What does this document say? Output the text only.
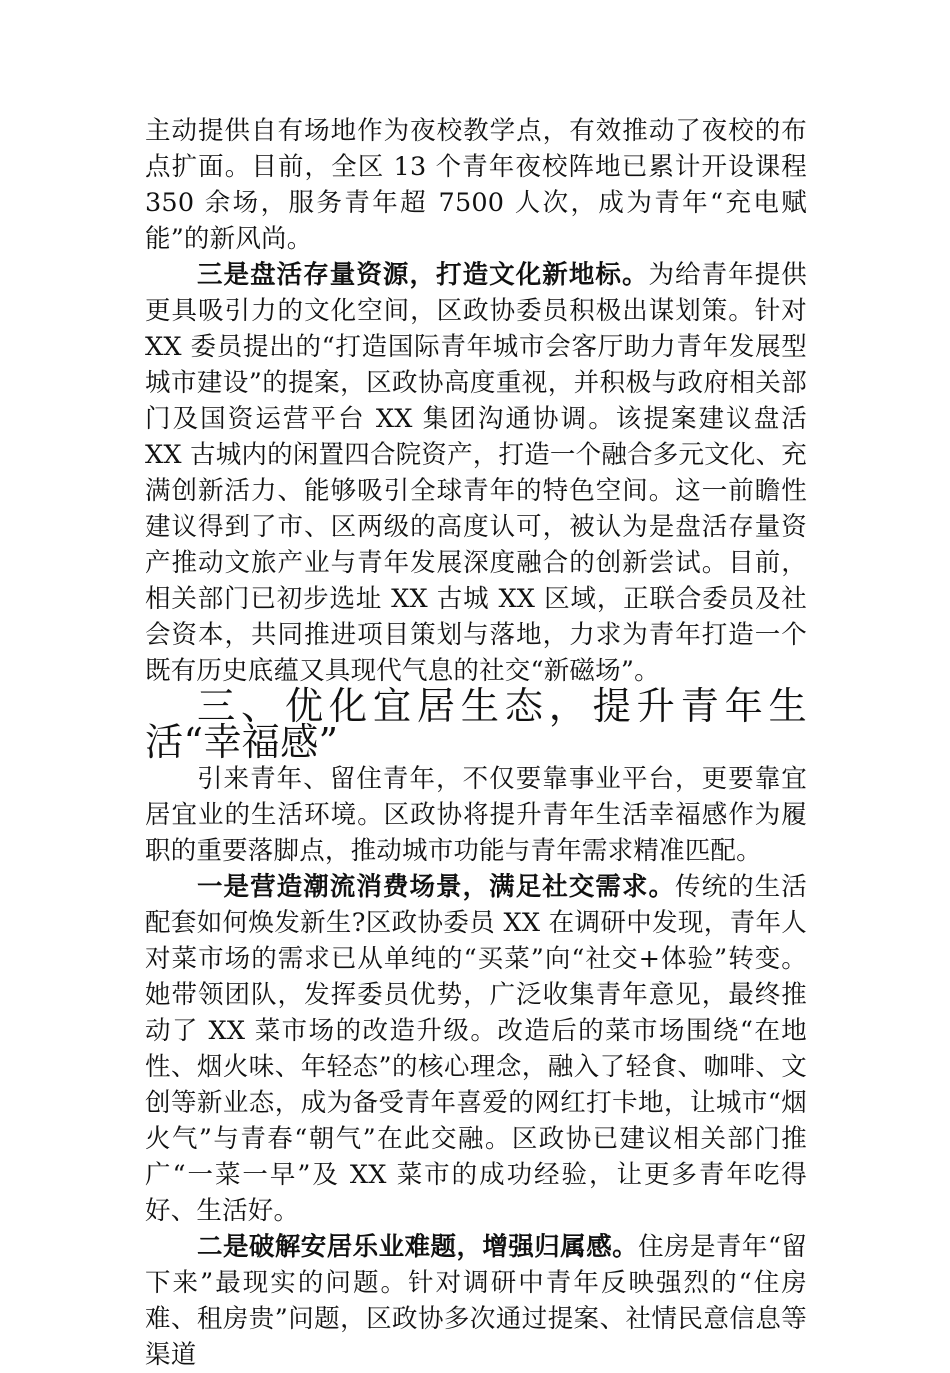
主动提供自有场地作为夜校教学点，有效推动了夜校的布点扩面。目前，全区 13 个青年夜校阵地已累计开设课程 350 余场，服务青年超 7500 人次，成为青年“充电赋能”的新风尚。

三是盘活存量资源，打造文化新地标。为给青年提供更具吸引力的文化空间，区政协委员积极出谋划策。针对 XX 委员提出的“打造国际青年城市会客厅助力青年发展型城市建设”的提案，区政协高度重视，并积极与政府相关部门及国资运营平台 XX 集团沟通协调。该提案建议盘活 XX 古城内的闲置四合院资产，打造一个融合多元文化、充满创新活力、能够吸引全球青年的特色空间。这一前瞻性建议得到了市、区两级的高度认可，被认为是盘活存量资产推动文旅产业与青年发展深度融合的创新尝试。目前，相关部门已初步选址 XX 古城 XX 区域，正联合委员及社会资本，共同推进项目策划与落地，力求为青年打造一个既有历史底蕴又具现代气息的社交“新磁场”。

三、优化宜居生态，提升青年生活“幸福感”

引来青年、留住青年，不仅要靠事业平台，更要靠宜居宜业的生活环境。区政协将提升青年生活幸福感作为履职的重要落脚点，推动城市功能与青年需求精准匹配。

一是营造潮流消费场景，满足社交需求。传统的生活配套如何焕发新生?区政协委员 XX 在调研中发现，青年人对菜市场的需求已从单纯的“买菜”向“社交+体验”转变。她带领团队，发挥委员优势，广泛收集青年意见，最终推动了 XX 菜市场的改造升级。改造后的菜市场围绕“在地性、烟火味、年轻态”的核心理念，融入了轻食、咖啡、文创等新业态，成为备受青年喜爱的网红打卡地，让城市“烟火气”与青春“朝气”在此交融。区政协已建议相关部门推广“一菜一早”及 XX 菜市的成功经验，让更多青年吃得好、生活好。

二是破解安居乐业难题，增强归属感。住房是青年“留下来”最现实的问题。针对调研中青年反映强烈的“住房难、租房贵”问题，区政协多次通过提案、社情民意信息等渠道
